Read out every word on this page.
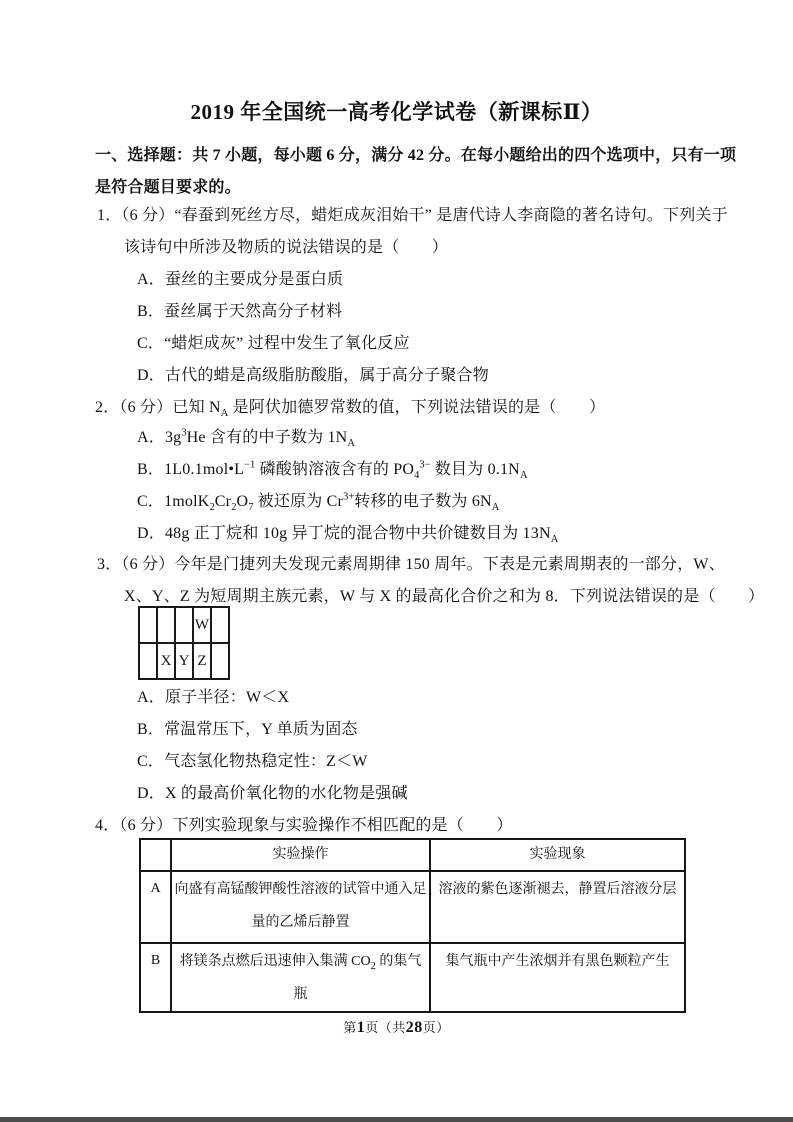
2019 年全国统一高考化学试卷（新课标Ⅱ）
一、选择题：共 7 小题，每小题 6 分，满分 42 分。在每小题给出的四个选项中，只有一项
是符合题目要求的。
1．（6 分）“春蚕到死丝方尽，蜡炬成灰泪始干” 是唐代诗人李商隐的著名诗句。下列关于
该诗句中所涉及物质的说法错误的是（　　）
A．蚕丝的主要成分是蛋白质
B．蚕丝属于天然高分子材料
C．“蜡炬成灰” 过程中发生了氧化反应
D．古代的蜡是高级脂肪酸脂，属于高分子聚合物
2．（6 分）已知 $N_A$ 是阿伏加德罗常数的值，下列说法错误的是（　　）
A．$3g^3He$ 含有的中子数为 $1N_A$
B．$1L0.1mol•L^{-1}$ 磷酸钠溶液含有的 $PO_4^{3-}$ 数目为 $0.1N_A$
C．$1molK_2Cr_2O_7$ 被还原为 $Cr^{3+}$转移的电子数为 $6N_A$
D．48g 正丁烷和 10g 异丁烷的混合物中共价键数目为 $13N_A$
3．（6 分）今年是门捷列夫发现元素周期律 150 周年。下表是元素周期表的一部分，W、
X、Y、Z 为短周期主族元素，W 与 X 的最高化合价之和为 8．下列说法错误的是（　　）
			W	
	X	Y	Z	
A．原子半径：W＜X
B．常温常压下，Y 单质为固态
C．气态氢化物热稳定性：Z＜W
D．X 的最高价氧化物的水化物是强碱
4．（6 分）下列实验现象与实验操作不相匹配的是（　　）
	实验操作	实验现象

A	向盛有高锰酸钾酸性溶液的试管中通入足
量的乙烯后静置	溶液的紫色逐渐褪去，静置后溶液分层

B	将镁条点燃后迅速伸入集满 $CO_2$ 的集气
瓶	集气瓶中产生浓烟并有黑色颗粒产生
第1页（共28页）
